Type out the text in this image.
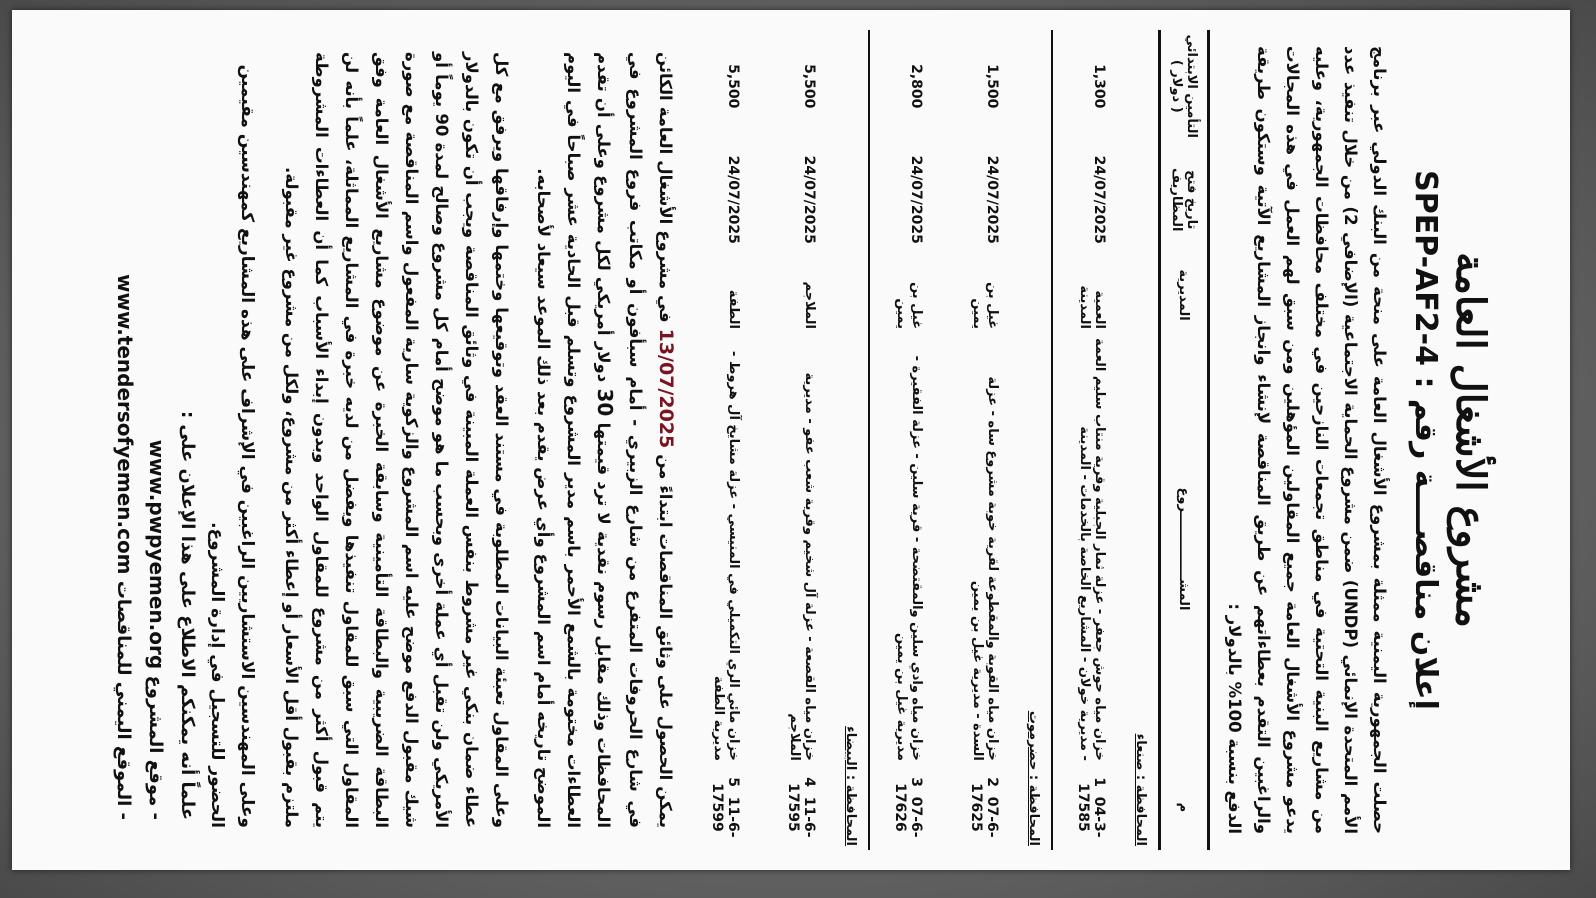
مشروع الأشغال العامة
إعلان مناقصــــة رقم : SPEP-AF2-4
حصلت الجمهورية اليمنية ممثلة بمشروع الأشغال العامة على منحة من البنك الدولي عبر برنامج الأمم المتحدة الإنمائي (UNDP) ضمن مشروع الحماية الاجتماعية (الإضافي 2) من خلال تنفيذ عدد من مشاريع البنية التحتية في مناطق تجمعات النازحين في مختلف محافظات الجمهورية، وعليه يدعو مشروع الأشغال العامة جميع المقاولين المؤهلين ومن سبق لهم العمل في هذه المجالات والراغبين التقدم بعطاءاتهم عن طريق المناقصة لإنشاء وانجاز المشاريع الآتية وستكون طريقة الدفع بنسبة 100% بالدولار :
م	المشـــــــــــــــروع	المديرية	تاريخ فتح المظاريف	التأمين الابتدائي ( دولار )
المحافظة : صنعاء				
1  04-3-17585	خزان مياه حوش جعفر - عزلة ثمار الجبلية وقرية منتاب سليم العمة - مديرية خولان - المشاريع الخاصة بالخدمات - المدينة	العمية المدينة	24/07/2025	1,300
المحافظة : حضرموت				
2  07-6-17625	خزان مياه القوبة والمقطوعة لقرية خوبة مشروع ساه - عزلة السدة - مديرية غيل بن يمين	غيل بن يمين	24/07/2025	1,500
3  07-6-17626	خزان مياه وادي سلين والمقتضحة - قرية سلين - عزلة الفقيرة - مديرية غيل بن يمين	غيل بن يمين	24/07/2025	2,800
المحافظة : البيضاء				
4  11-6-17595	خزان مياه القصعة - عزلة آل شخيم وقرية شعب عفو - مديرية الملاجم	الملاجم	24/07/2025	5,500
5  11-6-17599	خزان مائي الري التكميلي في المنيسي - عزلة مشايخ آل هروط - مديرية الطفة	الطفة	24/07/2025	5,500
يمكن الحصول على وثائق المناقصات ابتداءً من 13/07/2025 في مشروع الأشغال العامة الكائن في شارع الحروفات المتفرع من شارع الزبيري - أمام سبأفون أو مكاتب فروع المشروع في المحافظات وذلك مقابل رسوم نقدية لا ترد قيمتها 30 دولار أمريكي لكل مشروع وعلى أن تقدم العطاءات مختومة بالشمع الأحمر باسم مدير المشروع وتسلم قبل الحادية عشر صباحاً في اليوم الموضح تاريخه أمام اسم المشروع وأي عرض يقدم بعد ذلك الموعد سيعاد لأصحابه.
وعلى المقاول تعبئة البيانات المطلوبة في مستند العقد وتوقيعها وختمها وإرفاقها ويرفق مع كل عطاء ضمان بنكي غير مشروط بنفس العملة المبينة في وثائق المناقصة ويجب أن تكون بالدولار الأمريكي ولن تقبل أي عملة أخرى وبحسب ما هو موضح أمام كل مشروع وصالح لمدة 90 يوماً أو شيك مقبول الدفع موضح عليه اسم المشروع والزكوية سارية المفعول واسم المناقصة مع صورة البطاقة الضريبية والبطاقة التأمينية وسابقة الخبرة عن موضوع مشاريع الأشغال العامة وفق المقاول التي سبق للمقاول تنفيذها ويفضل من لديه خبرة في المشاريع المماثلة، علماً بأنه لن يتم قبول أكثر من مشروع للمقاول الواحد وبدون إبداء الأسباب كما أن العطاءات المشروطة ملتزم بقبول أقل الأسعار أو إعطاء أكثر من مشروع، ولكل من مشروع غير مقبولة.
وعلى المهندسين الاستشاريين الراغبين في الإشراف على هذه المشاريع كمهندسين مقيمين الحضور للتسجيل في إدارة المشروع.
علماً أنه يمكنكم الاطلاع على هذا الإعلان على :
- موقع المشروع www.pwpyemen.org
- الموقع اليمني للمناقصات www.tendersofyemen.com
